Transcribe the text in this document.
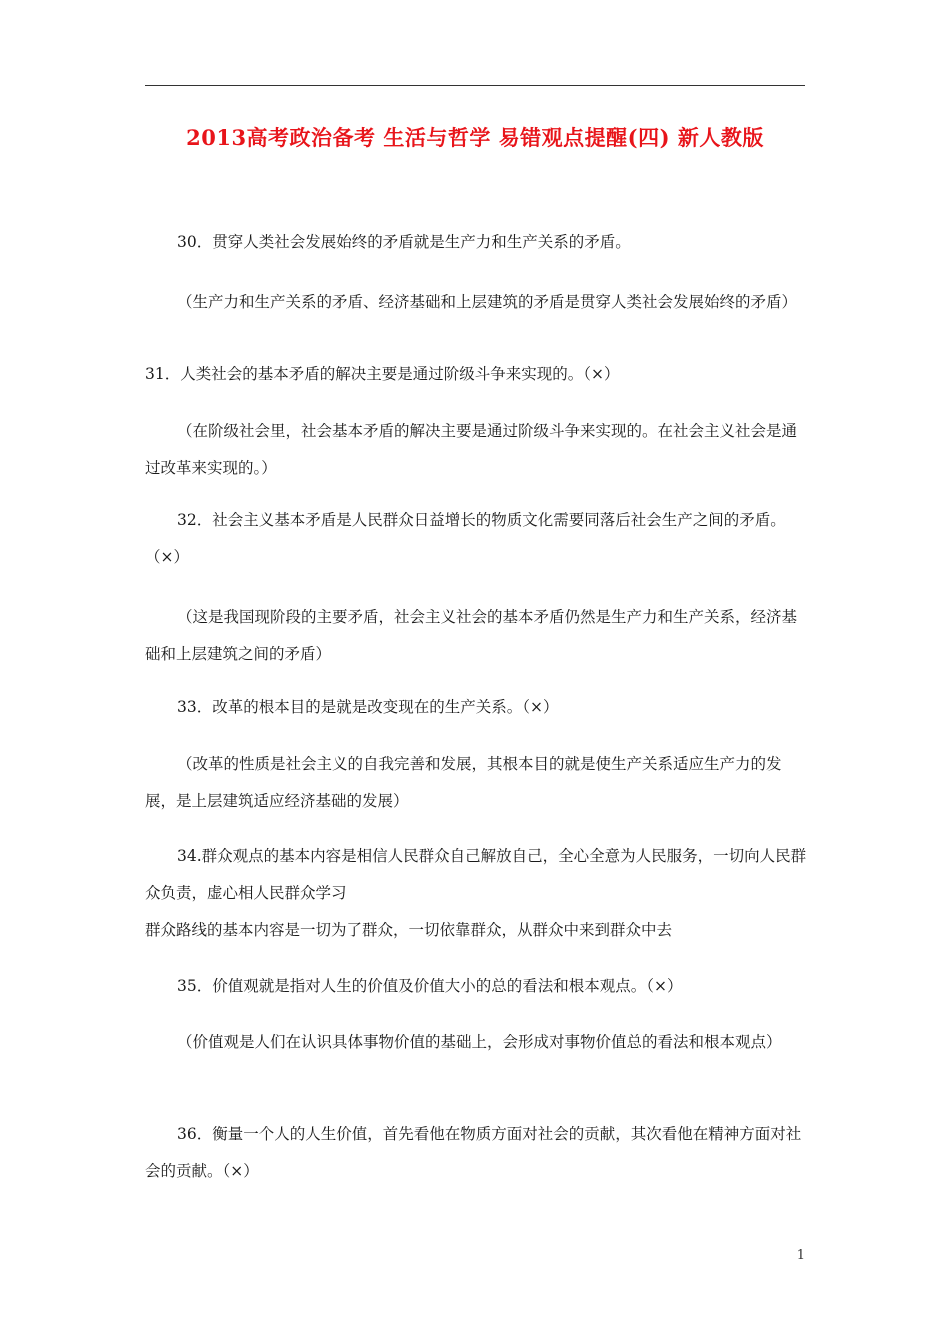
2013高考政治备考 生活与哲学 易错观点提醒(四) 新人教版

30．贯穿人类社会发展始终的矛盾就是生产力和生产关系的矛盾。

（生产力和生产关系的矛盾、经济基础和上层建筑的矛盾是贯穿人类社会发展始终的矛盾）

31．人类社会的基本矛盾的解决主要是通过阶级斗争来实现的。（×）

（在阶级社会里，社会基本矛盾的解决主要是通过阶级斗争来实现的。在社会主义社会是通过改革来实现的。）

32．社会主义基本矛盾是人民群众日益增长的物质文化需要同落后社会生产之间的矛盾。（×）

（这是我国现阶段的主要矛盾，社会主义社会的基本矛盾仍然是生产力和生产关系，经济基础和上层建筑之间的矛盾）

33．改革的根本目的是就是改变现在的生产关系。（×）

（改革的性质是社会主义的自我完善和发展，其根本目的就是使生产关系适应生产力的发展，是上层建筑适应经济基础的发展）

34.群众观点的基本内容是相信人民群众自己解放自己，全心全意为人民服务，一切向人民群众负责，虚心相人民群众学习

群众路线的基本内容是一切为了群众，一切依靠群众，从群众中来到群众中去

35．价值观就是指对人生的价值及价值大小的总的看法和根本观点。（×）

（价值观是人们在认识具体事物价值的基础上，会形成对事物价值总的看法和根本观点）

36．衡量一个人的人生价值，首先看他在物质方面对社会的贡献，其次看他在精神方面对社会的贡献。（×）

1
